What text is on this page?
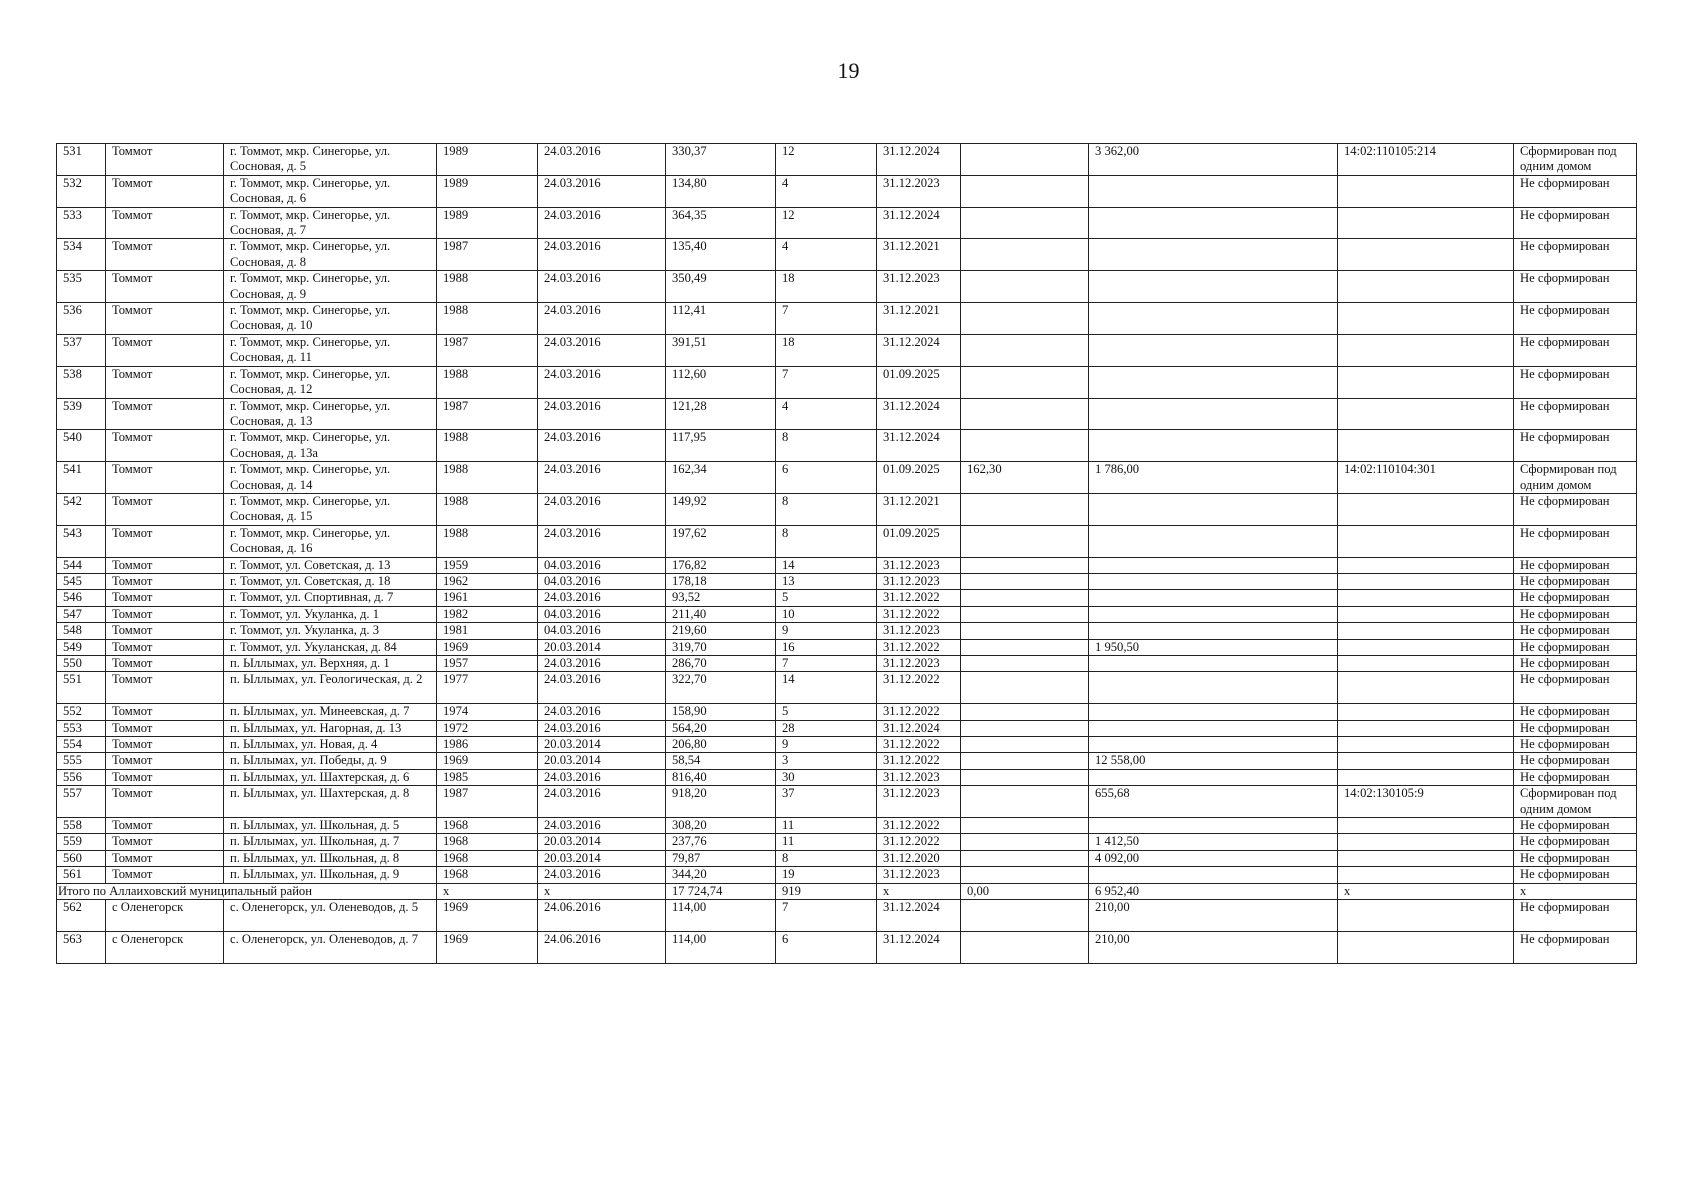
19
531	Томмот	г. Томмот, мкр. Синегорье, ул. Сосновая, д. 5	1989	24.03.2016	330,37	12	31.12.2024		3 362,00	14:02:110105:214	Сформирован под одним домом
532	Томмот	г. Томмот, мкр. Синегорье, ул. Сосновая, д. 6	1989	24.03.2016	134,80	4	31.12.2023				Не сформирован
533	Томмот	г. Томмот, мкр. Синегорье, ул. Сосновая, д. 7	1989	24.03.2016	364,35	12	31.12.2024				Не сформирован
534	Томмот	г. Томмот, мкр. Синегорье, ул. Сосновая, д. 8	1987	24.03.2016	135,40	4	31.12.2021				Не сформирован
535	Томмот	г. Томмот, мкр. Синегорье, ул. Сосновая, д. 9	1988	24.03.2016	350,49	18	31.12.2023				Не сформирован
536	Томмот	г. Томмот, мкр. Синегорье, ул. Сосновая, д. 10	1988	24.03.2016	112,41	7	31.12.2021				Не сформирован
537	Томмот	г. Томмот, мкр. Синегорье, ул. Сосновая, д. 11	1987	24.03.2016	391,51	18	31.12.2024				Не сформирован
538	Томмот	г. Томмот, мкр. Синегорье, ул. Сосновая, д. 12	1988	24.03.2016	112,60	7	01.09.2025				Не сформирован
539	Томмот	г. Томмот, мкр. Синегорье, ул. Сосновая, д. 13	1987	24.03.2016	121,28	4	31.12.2024				Не сформирован
540	Томмот	г. Томмот, мкр. Синегорье, ул. Сосновая, д. 13а	1988	24.03.2016	117,95	8	31.12.2024				Не сформирован
541	Томмот	г. Томмот, мкр. Синегорье, ул. Сосновая, д. 14	1988	24.03.2016	162,34	6	01.09.2025	162,30	1 786,00	14:02:110104:301	Сформирован под одним домом
542	Томмот	г. Томмот, мкр. Синегорье, ул. Сосновая, д. 15	1988	24.03.2016	149,92	8	31.12.2021				Не сформирован
543	Томмот	г. Томмот, мкр. Синегорье, ул. Сосновая, д. 16	1988	24.03.2016	197,62	8	01.09.2025				Не сформирован
544	Томмот	г. Томмот, ул. Советская, д. 13	1959	04.03.2016	176,82	14	31.12.2023				Не сформирован
545	Томмот	г. Томмот, ул. Советская, д. 18	1962	04.03.2016	178,18	13	31.12.2023				Не сформирован
546	Томмот	г. Томмот, ул. Спортивная, д. 7	1961	24.03.2016	93,52	5	31.12.2022				Не сформирован
547	Томмот	г. Томмот, ул. Укуланка, д. 1	1982	04.03.2016	211,40	10	31.12.2022				Не сформирован
548	Томмот	г. Томмот, ул. Укуланка, д. 3	1981	04.03.2016	219,60	9	31.12.2023				Не сформирован
549	Томмот	г. Томмот, ул. Укуланская, д. 84	1969	20.03.2014	319,70	16	31.12.2022		1 950,50		Не сформирован
550	Томмот	п. Ыллымах, ул. Верхняя, д. 1	1957	24.03.2016	286,70	7	31.12.2023				Не сформирован
551	Томмот	п. Ыллымах, ул. Геологическая, д. 2	1977	24.03.2016	322,70	14	31.12.2022				Не сформирован
552	Томмот	п. Ыллымах, ул. Минеевская, д. 7	1974	24.03.2016	158,90	5	31.12.2022				Не сформирован
553	Томмот	п. Ыллымах, ул. Нагорная, д. 13	1972	24.03.2016	564,20	28	31.12.2024				Не сформирован
554	Томмот	п. Ыллымах, ул. Новая, д. 4	1986	20.03.2014	206,80	9	31.12.2022				Не сформирован
555	Томмот	п. Ыллымах, ул. Победы, д. 9	1969	20.03.2014	58,54	3	31.12.2022		12 558,00		Не сформирован
556	Томмот	п. Ыллымах, ул. Шахтерская, д. 6	1985	24.03.2016	816,40	30	31.12.2023				Не сформирован
557	Томмот	п. Ыллымах, ул. Шахтерская, д. 8	1987	24.03.2016	918,20	37	31.12.2023		655,68	14:02:130105:9	Сформирован под одним домом
558	Томмот	п. Ыллымах, ул. Школьная, д. 5	1968	24.03.2016	308,20	11	31.12.2022				Не сформирован
559	Томмот	п. Ыллымах, ул. Школьная, д. 7	1968	20.03.2014	237,76	11	31.12.2022		1 412,50		Не сформирован
560	Томмот	п. Ыллымах, ул. Школьная, д. 8	1968	20.03.2014	79,87	8	31.12.2020		4 092,00		Не сформирован
561	Томмот	п. Ыллымах, ул. Школьная, д. 9	1968	24.03.2016	344,20	19	31.12.2023				Не сформирован
Итого по Аллаиховский муниципальный район			х	х	17 724,74	919	х	0,00	6 952,40	х	х
562	с Оленегорск	с. Оленегорск, ул. Оленеводов, д. 5	1969	24.06.2016	114,00	7	31.12.2024		210,00		Не сформирован
563	с Оленегорск	с. Оленегорск, ул. Оленеводов, д. 7	1969	24.06.2016	114,00	6	31.12.2024		210,00		Не сформирован
